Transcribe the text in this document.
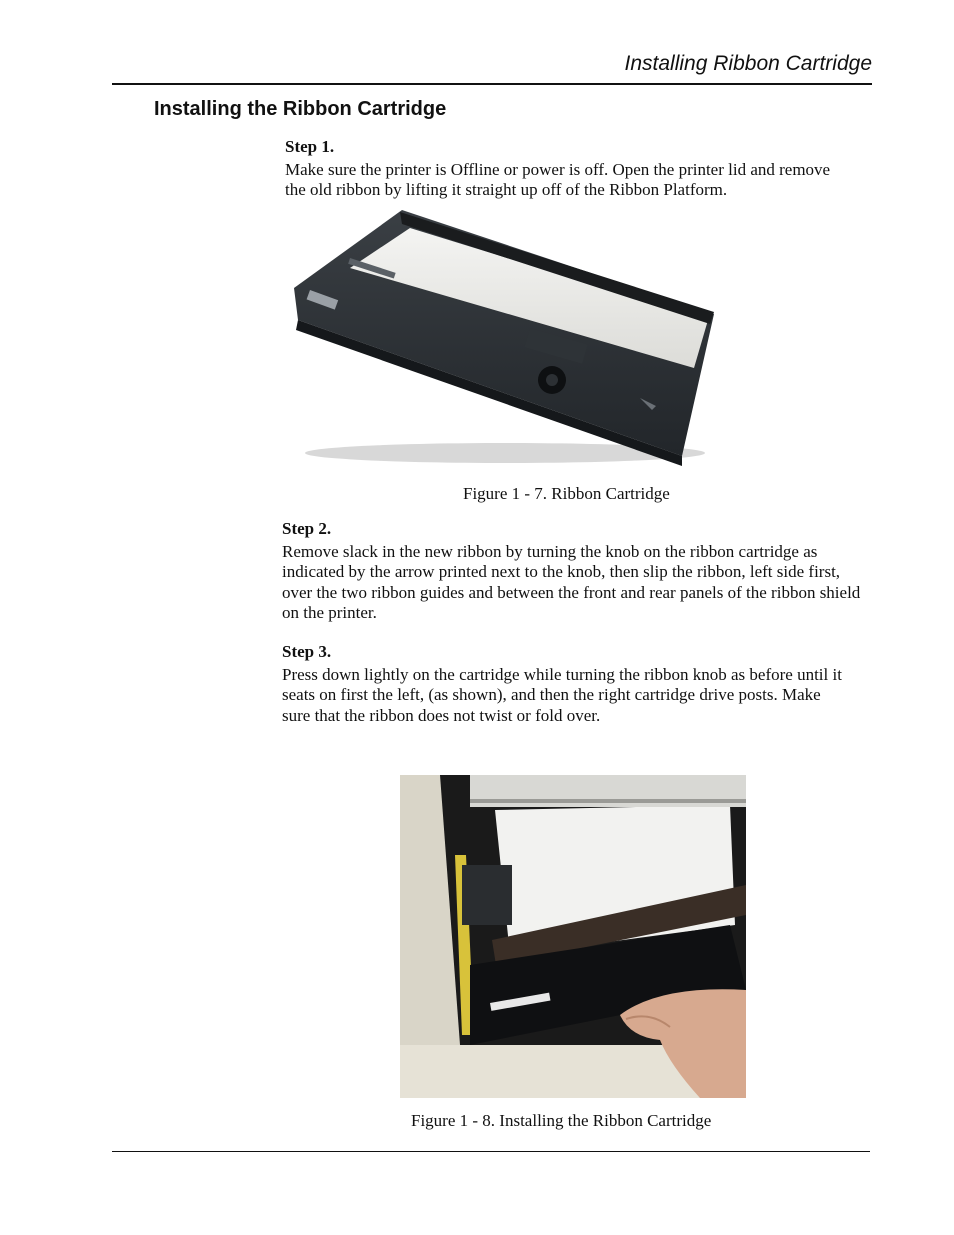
Installing Ribbon Cartridge
Installing the Ribbon Cartridge

Step 1.

Make sure the printer is Offline or power is off. Open the printer lid and remove the old ribbon by lifting it straight up off of the Ribbon Platform.

Figure 1 - 7. Ribbon Cartridge

Step 2.

Remove slack in the new ribbon by turning the knob on the ribbon cartridge as indicated by the arrow printed next to the knob, then slip the ribbon, left side first, over the two ribbon guides and between the front and rear panels of the ribbon shield on the printer.

Step 3.

Press down lightly on the cartridge while turning the ribbon knob as before until it seats on first the left, (as shown), and then the right cartridge drive posts. Make sure that the ribbon does not twist or fold over.

Figure 1 - 8. Installing the Ribbon Cartridge
